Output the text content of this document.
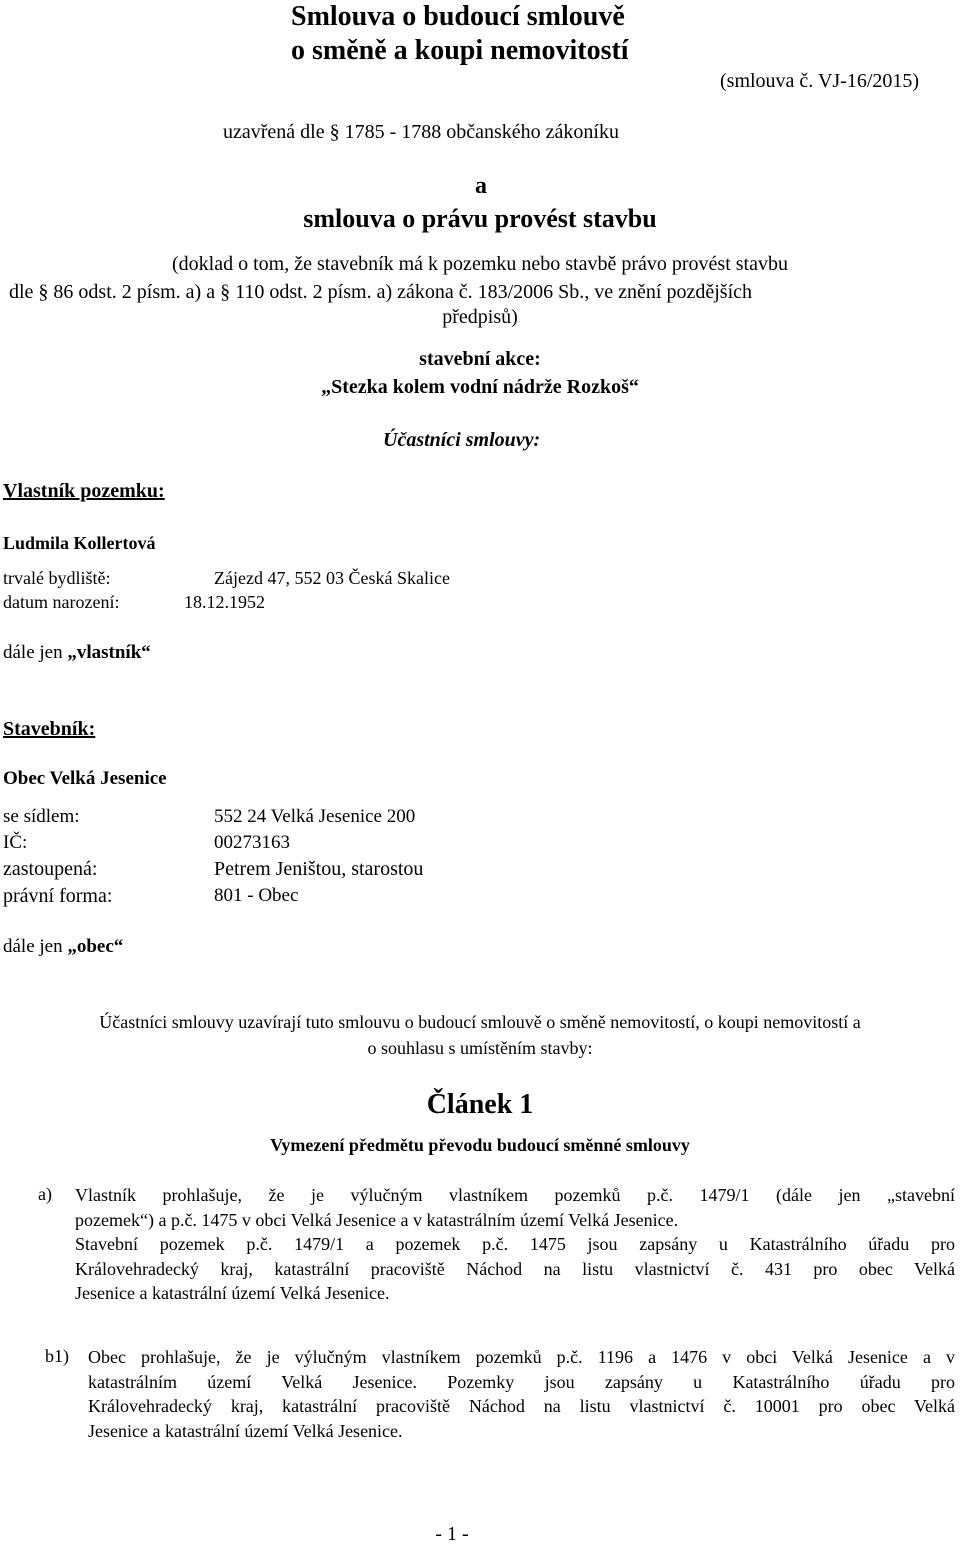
Smlouva o budoucí smlouvě
o směně a koupi nemovitostí
(smlouva č. VJ-16/2015)
uzavřená dle § 1785 - 1788 občanského zákoníku
a
smlouva o právu provést stavbu
(doklad o tom, že stavebník má k pozemku nebo stavbě právo provést stavbu
dle § 86 odst. 2 písm. a) a § 110 odst. 2 písm. a) zákona č. 183/2006 Sb., ve znění pozdějších
předpisů)
stavební akce:
„Stezka kolem vodní nádrže Rozkoš“
Účastníci smlouvy:
Vlastník pozemku:
Ludmila Kollertová
trvalé bydliště:	Zájezd 47, 552 03 Česká Skalice
datum narození:	18.12.1952
dále jen „vlastník“
Stavebník:
Obec Velká Jesenice
se sídlem:	552 24 Velká Jesenice 200
IČ:	00273163
zastoupená:	Petrem Jeništou, starostou
právní forma:	801 - Obec
dále jen „obec“
Účastníci smlouvy uzavírají tuto smlouvu o budoucí smlouvě o směně nemovitostí, o koupi nemovitostí a
o souhlasu s umístěním stavby:
Článek 1
Vymezení předmětu převodu budoucí směnné smlouvy
a) Vlastník prohlašuje, že je výlučným vlastníkem pozemků p.č. 1479/1 (dále jen „stavební
pozemek“) a p.č. 1475 v obci Velká Jesenice a v katastrálním území Velká Jesenice.
Stavební pozemek p.č. 1479/1 a pozemek p.č. 1475 jsou zapsány u Katastrálního úřadu pro
Královehradecký kraj, katastrální pracoviště Náchod na listu vlastnictví č. 431 pro obec Velká
Jesenice a katastrální území Velká Jesenice.
b1) Obec prohlašuje, že je výlučným vlastníkem pozemků p.č. 1196 a 1476 v obci Velká Jesenice a v
katastrálním území Velká Jesenice. Pozemky jsou zapsány u Katastrálního úřadu pro
Královehradecký kraj, katastrální pracoviště Náchod na listu vlastnictví č. 10001 pro obec Velká
Jesenice a katastrální území Velká Jesenice.
- 1 -
